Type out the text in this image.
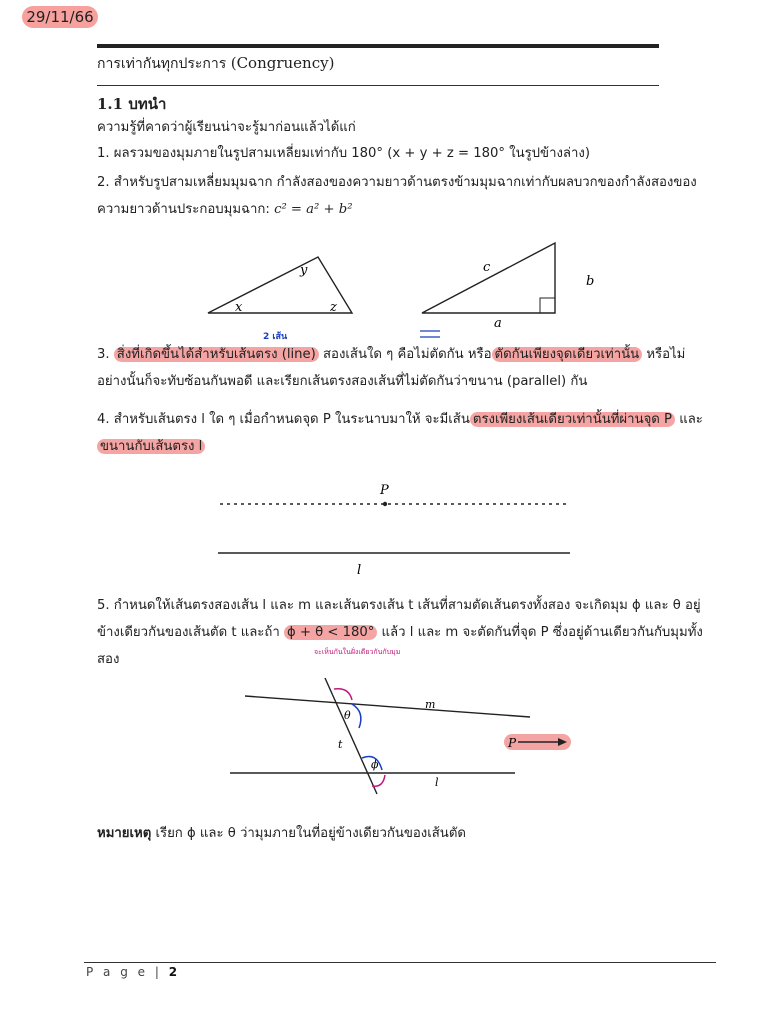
29/11/66
การเท่ากันทุกประการ (Congruency)
1.1 บทนำ
ความรู้ที่คาดว่าผู้เรียนน่าจะรู้มาก่อนแล้วได้แก่
1. ผลรวมของมุมภายในรูปสามเหลี่ยมเท่ากับ 180° (x + y + z = 180° ในรูปข้างล่าง)
2. สำหรับรูปสามเหลี่ยมมุมฉาก กำลังสองของความยาวด้านตรงข้ามมุมฉากเท่ากับผลบวกของกำลังสองของความยาวด้านประกอบมุมฉาก: c² = a² + b²
x
y
z
c
b
a
2 เส้น
3. สิ่งที่เกิดขึ้นได้สำหรับเส้นตรง (line) สองเส้นใด ๆ คือไม่ตัดกัน หรือ ตัดกันเพียงจุดเดียวเท่านั้น หรือไม่อย่างนั้นก็จะทับซ้อนกันพอดี และเรียกเส้นตรงสองเส้นที่ไม่ตัดกันว่าขนาน (parallel) กัน
4. สำหรับเส้นตรง l ใด ๆ เมื่อกำหนดจุด P ในระนาบมาให้ จะมีเส้น ตรงเพียงเส้นเดียวเท่านั้นที่ผ่านจุด P และ ขนานกับเส้นตรง l
P
l
5. กำหนดให้เส้นตรงสองเส้น l และ m และเส้นตรงเส้น t เส้นที่สามตัดเส้นตรงทั้งสอง จะเกิดมุม ϕ และ θ อยู่ข้างเดียวกันของเส้นตัด t และถ้า ϕ + θ < 180° แล้ว l และ m จะตัดกันที่จุด P ซึ่งอยู่ด้านเดียวกันกับมุมทั้งสอง	จะเห็นกันในฝั่งเดียวกันกับมุม
m
l
t
θ
ϕ
P
หมายเหตุ เรียก ϕ และ θ ว่ามุมภายในที่อยู่ข้างเดียวกันของเส้นตัด
P a g e | 2
